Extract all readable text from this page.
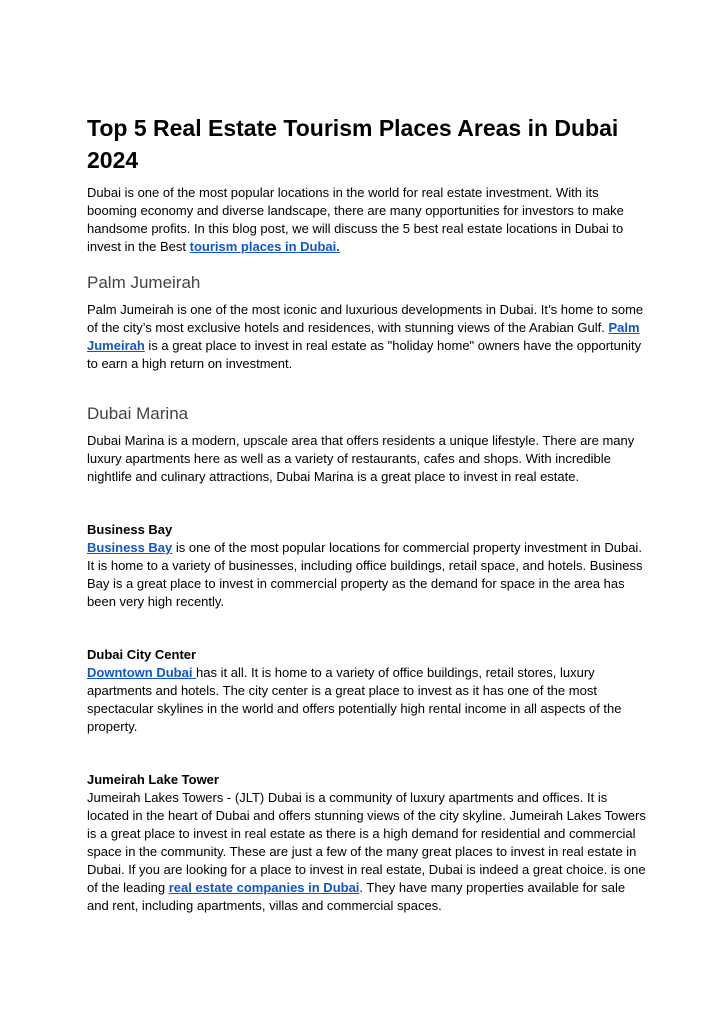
Top 5 Real Estate Tourism Places Areas in Dubai 2024

Dubai is one of the most popular locations in the world for real estate investment. With its booming economy and diverse landscape, there are many opportunities for investors to make handsome profits. In this blog post, we will discuss the 5 best real estate locations in Dubai to invest in the Best tourism places in Dubai.

Palm Jumeirah

Palm Jumeirah is one of the most iconic and luxurious developments in Dubai. It’s home to some of the city’s most exclusive hotels and residences, with stunning views of the Arabian Gulf. Palm Jumeirah is a great place to invest in real estate as "holiday home" owners have the opportunity to earn a high return on investment.

Dubai Marina

Dubai Marina is a modern, upscale area that offers residents a unique lifestyle. There are many luxury apartments here as well as a variety of restaurants, cafes and shops. With incredible nightlife and culinary attractions, Dubai Marina is a great place to invest in real estate.

Business Bay

Business Bay is one of the most popular locations for commercial property investment in Dubai. It is home to a variety of businesses, including office buildings, retail space, and hotels. Business Bay is a great place to invest in commercial property as the demand for space in the area has been very high recently.

Dubai City Center

Downtown Dubai has it all. It is home to a variety of office buildings, retail stores, luxury apartments and hotels. The city center is a great place to invest as it has one of the most spectacular skylines in the world and offers potentially high rental income in all aspects of the property.

Jumeirah Lake Tower

Jumeirah Lakes Towers - (JLT) Dubai is a community of luxury apartments and offices. It is located in the heart of Dubai and offers stunning views of the city skyline. Jumeirah Lakes Towers is a great place to invest in real estate as there is a high demand for residential and commercial space in the community. These are just a few of the many great places to invest in real estate in Dubai. If you are looking for a place to invest in real estate, Dubai is indeed a great choice. is one of the leading real estate companies in Dubai. They have many properties available for sale and rent, including apartments, villas and commercial spaces.
